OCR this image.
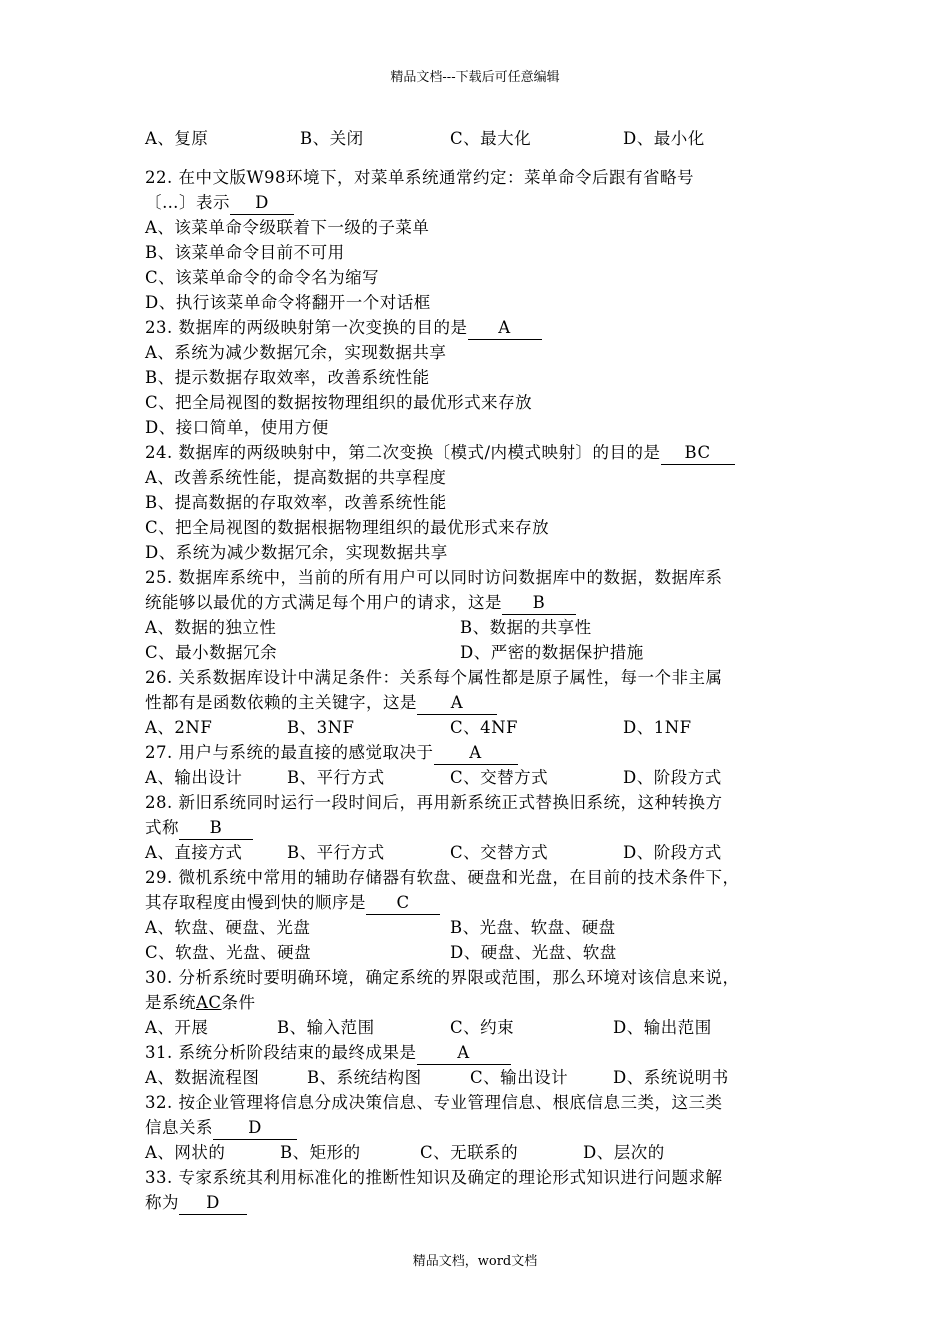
精品文档---下载后可任意编辑
A、复原	B、关闭	C、最大化	D、最小化
22. 在中文版W98环境下，对菜单系统通常约定：菜单命令后跟有省略号
〔…〕表示 D
A、该菜单命令级联着下一级的子菜单
B、该菜单命令目前不可用
C、该菜单命令的命令名为缩写
D、执行该菜单命令将翻开一个对话框
23. 数据库的两级映射第一次变换的目的是 A
A、系统为减少数据冗余，实现数据共享
B、提示数据存取效率，改善系统性能
C、把全局视图的数据按物理组织的最优形式来存放
D、接口简单，使用方便
24. 数据库的两级映射中，第二次变换〔模式/内模式映射〕的目的是 BC
A、改善系统性能，提高数据的共享程度
B、提高数据的存取效率，改善系统性能
C、把全局视图的数据根据物理组织的最优形式来存放
D、系统为减少数据冗余，实现数据共享
25. 数据库系统中，当前的所有用户可以同时访问数据库中的数据，数据库系
统能够以最优的方式满足每个用户的请求，这是 B
A、数据的独立性	B、数据的共享性
C、最小数据冗余	D、严密的数据保护措施
26. 关系数据库设计中满足条件：关系每个属性都是原子属性，每一个非主属
性都有是函数依赖的主关键字，这是 A
A、2NF	B、3NF	C、4NF	D、1NF
27. 用户与系统的最直接的感觉取决于 A
A、输出设计	B、平行方式	C、交替方式	D、阶段方式
28. 新旧系统同时运行一段时间后，再用新系统正式替换旧系统，这种转换方
式称 B
A、直接方式	B、平行方式	C、交替方式	D、阶段方式
29. 微机系统中常用的辅助存储器有软盘、硬盘和光盘，在目前的技术条件下，
其存取程度由慢到快的顺序是 C
A、软盘、硬盘、光盘	B、光盘、软盘、硬盘
C、软盘、光盘、硬盘	D、硬盘、光盘、软盘
30. 分析系统时要明确环境，确定系统的界限或范围，那么环境对该信息来说，
是系统AC条件
A、开展	B、输入范围	C、约束	D、输出范围
31. 系统分析阶段结束的最终成果是 A
A、数据流程图	B、系统结构图	C、输出设计	D、系统说明书
32. 按企业管理将信息分成决策信息、专业管理信息、根底信息三类，这三类
信息关系 D
A、网状的	B、矩形的	C、无联系的	D、层次的
33. 专家系统其利用标准化的推断性知识及确定的理论形式知识进行问题求解
称为 D
精品文档，word文档
